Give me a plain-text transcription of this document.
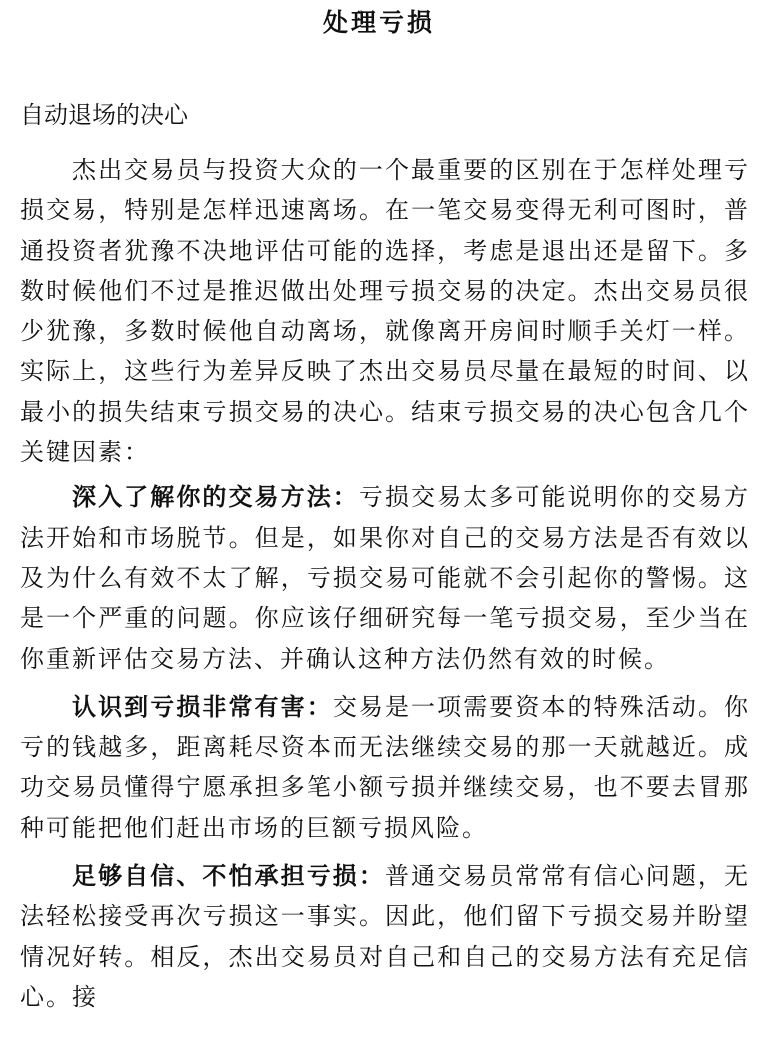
处理亏损
自动退场的决心

杰出交易员与投资大众的一个最重要的区别在于怎样处理亏损交易，特别是怎样迅速离场。在一笔交易变得无利可图时，普通投资者犹豫不决地评估可能的选择，考虑是退出还是留下。多数时候他们不过是推迟做出处理亏损交易的决定。杰出交易员很少犹豫，多数时候他自动离场，就像离开房间时顺手关灯一样。实际上，这些行为差异反映了杰出交易员尽量在最短的时间、以最小的损失结束亏损交易的决心。结束亏损交易的决心包含几个关键因素：

深入了解你的交易方法：亏损交易太多可能说明你的交易方法开始和市场脱节。但是，如果你对自己的交易方法是否有效以及为什么有效不太了解，亏损交易可能就不会引起你的警惕。这是一个严重的问题。你应该仔细研究每一笔亏损交易，至少当在你重新评估交易方法、并确认这种方法仍然有效的时候。

认识到亏损非常有害：交易是一项需要资本的特殊活动。你亏的钱越多，距离耗尽资本而无法继续交易的那一天就越近。成功交易员懂得宁愿承担多笔小额亏损并继续交易，也不要去冒那种可能把他们赶出市场的巨额亏损风险。

足够自信、不怕承担亏损：普通交易员常常有信心问题，无法轻松接受再次亏损这一事实。因此，他们留下亏损交易并盼望情况好转。相反，杰出交易员对自己和自己的交易方法有充足信心。接
